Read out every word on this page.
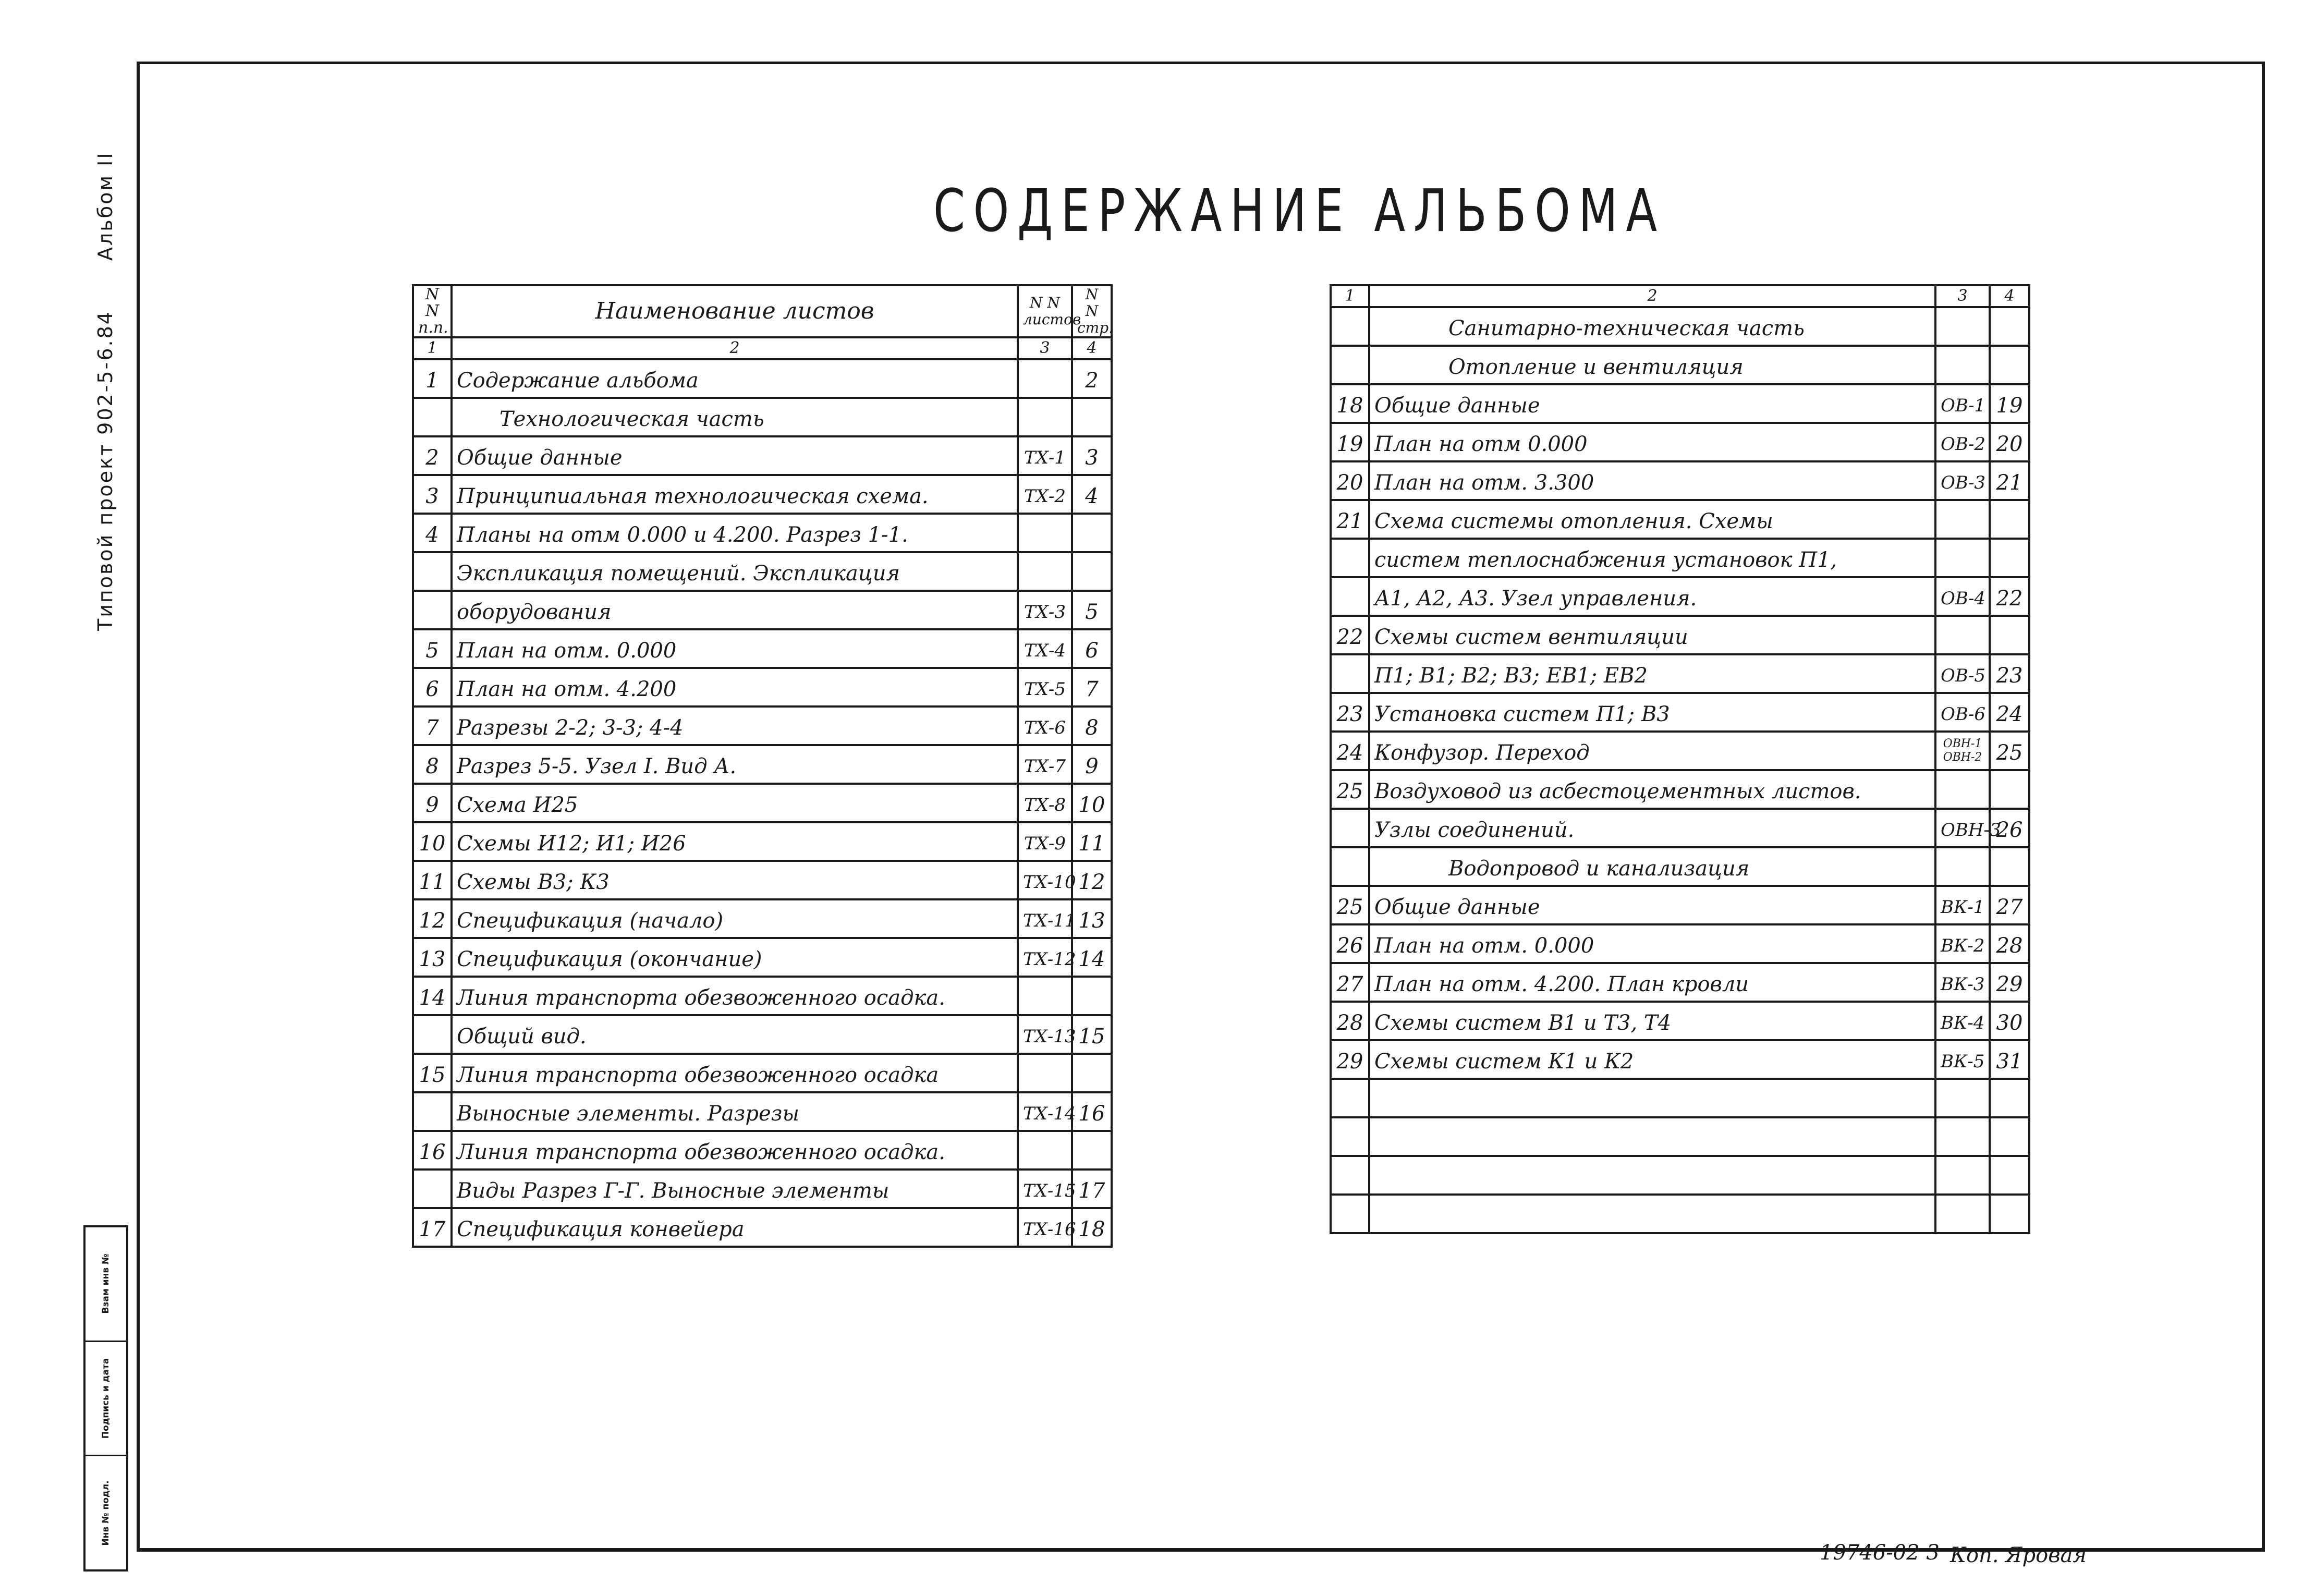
Альбом II
Типовой проект 902-5-6.84
Взам инв №
Подпись и дата
Инв № подл.
СОДЕРЖАНИЕ АЛЬБОМА
N N п.п.	Наименование листов	N N листов	N N стр.
1	2	3	4
1	Содержание альбома		2
	Технологическая часть		
2	Общие данные	ТХ-1	3
3	Принципиальная технологическая схема.	ТХ-2	4
4	Планы на отм 0.000 и 4.200. Разрез 1-1.		
	Экспликация помещений. Экспликация		
	оборудования	ТХ-3	5
5	План на отм. 0.000	ТХ-4	6
6	План на отм. 4.200	ТХ-5	7
7	Разрезы 2-2; 3-3; 4-4	ТХ-6	8
8	Разрез 5-5. Узел I. Вид А.	ТХ-7	9
9	Схема И25	ТХ-8	10
10	Схемы И12; И1; И26	ТХ-9	11
11	Схемы В3; К3	ТХ-10	12
12	Спецификация (начало)	ТХ-11	13
13	Спецификация (окончание)	ТХ-12	14
14	Линия транспорта обезвоженного осадка.		
	Общий вид.	ТХ-13	15
15	Линия транспорта обезвоженного осадка		
	Выносные элементы. Разрезы	ТХ-14	16
16	Линия транспорта обезвоженного осадка.		
	Виды Разрез Г-Г. Выносные элементы	ТХ-15	17
17	Спецификация конвейера	ТХ-16	18
1	2	3	4
	Санитарно-техническая часть		
	Отопление и вентиляция		
18	Общие данные	ОВ-1	19
19	План на отм 0.000	ОВ-2	20
20	План на отм. 3.300	ОВ-3	21
21	Схема системы отопления. Схемы		
	систем теплоснабжения установок П1,		
	А1, А2, А3. Узел управления.	ОВ-4	22
22	Схемы систем вентиляции		
	П1; В1; В2; В3; ЕВ1; ЕВ2	ОВ-5	23
23	Установка систем П1; В3	ОВ-6	24
24	Конфузор. Переход	ОВН-1 ОВН-2	25
25	Воздуховод из асбестоцементных листов.		
	Узлы соединений.	ОВН-3	26
	Водопровод и канализация		
25	Общие данные	ВК-1	27
26	План на отм. 0.000	ВК-2	28
27	План на отм. 4.200. План кровли	ВК-3	29
28	Схемы систем В1 и Т3, Т4	ВК-4	30
29	Схемы систем К1 и К2	ВК-5	31

19746-02 3 Коп. Яровая
